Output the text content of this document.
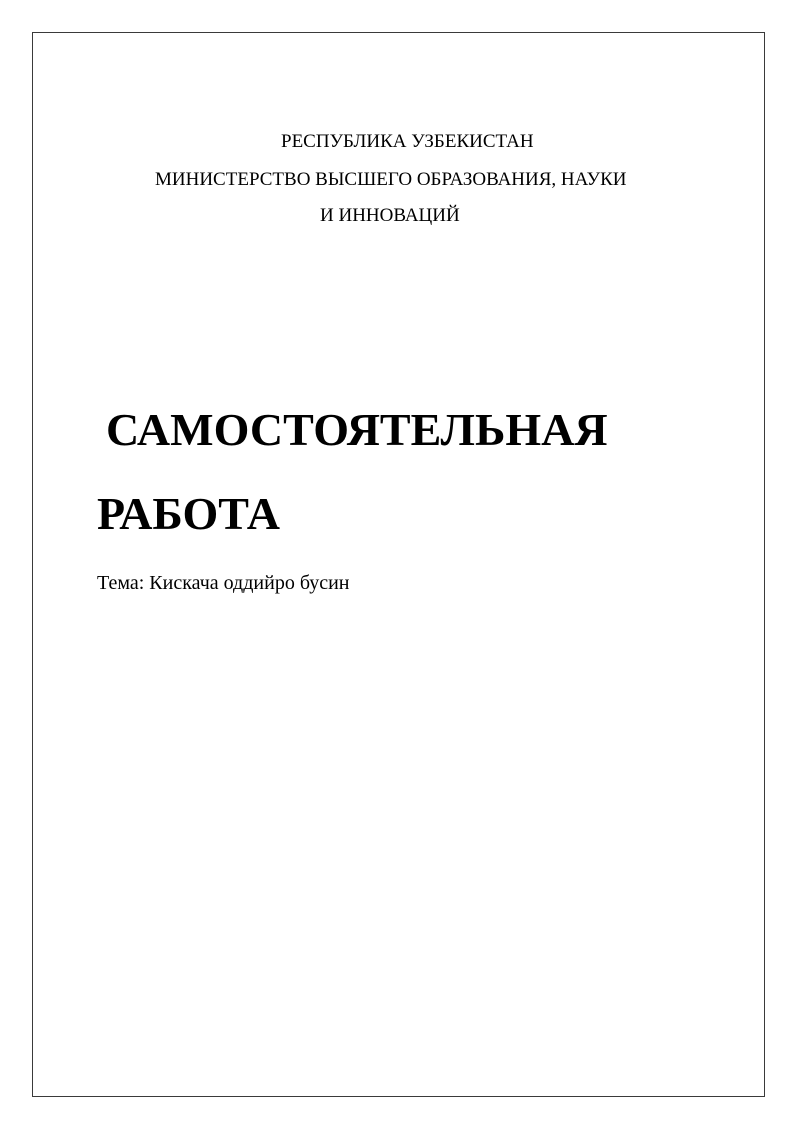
РЕСПУБЛИКА УЗБЕКИСТАН
МИНИСТЕРСТВО ВЫСШЕГО ОБРАЗОВАНИЯ, НАУКИ
И ИННОВАЦИЙ
САМОСТОЯТЕЛЬНАЯ
РАБОТА
Тема: Кискача оддийро бусин
